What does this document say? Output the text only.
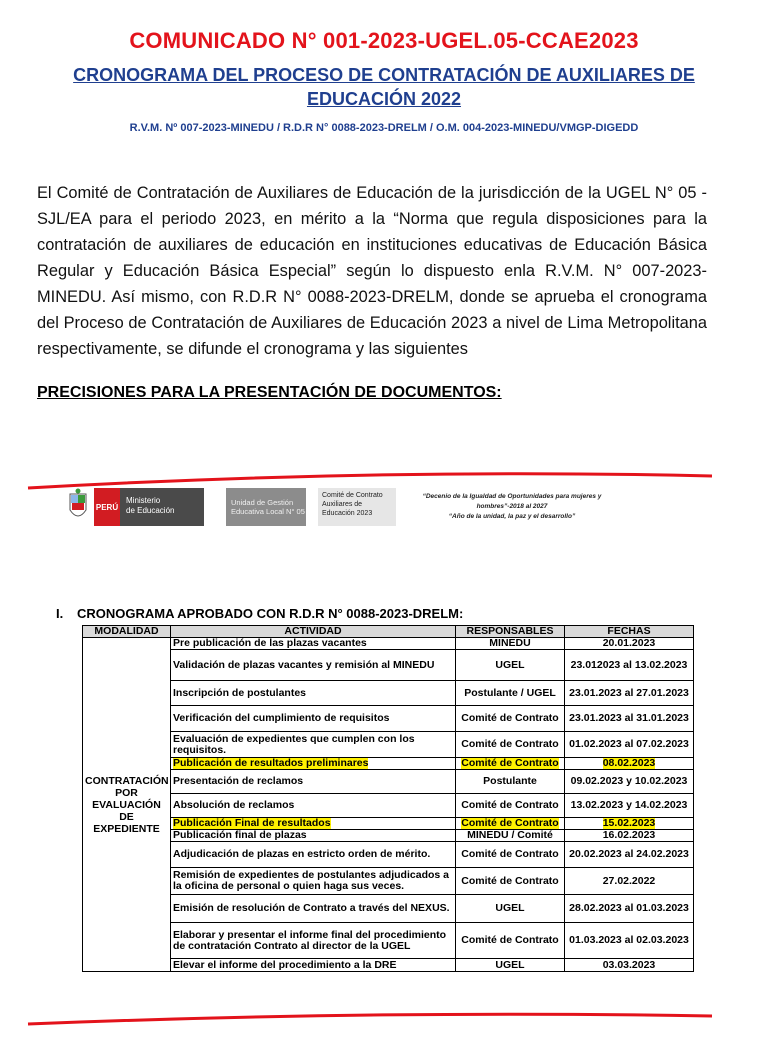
COMUNICADO N° 001-2023-UGEL.05-CCAE2023
CRONOGRAMA DEL PROCESO DE CONTRATACIÓN DE AUXILIARES DE EDUCACIÓN 2022
R.V.M. Nº 007-2023-MINEDU / R.D.R N° 0088-2023-DRELM / O.M. 004-2023-MINEDU/VMGP-DIGEDD
El Comité de Contratación de Auxiliares de Educación de la jurisdicción de la UGEL N° 05 - SJL/EA para el periodo 2023, en mérito a la “Norma que regula disposiciones para la contratación de auxiliares de educación en instituciones educativas de Educación Básica Regular y Educación Básica Especial” según lo dispuesto enla R.V.M. N° 007-2023-MINEDU. Así mismo, con R.D.R N° 0088-2023-DRELM, donde se aprueba el cronograma del Proceso de Contratación de Auxiliares de Educación 2023 a nivel de Lima Metropolitana respectivamente, se difunde el cronograma y las siguientes
PRECISIONES PARA LA PRESENTACIÓN DE DOCUMENTOS:
PERÚ
Ministerio
de Educación
Unidad de Gestión
Educativa Local N° 05
Comité de Contrato
Auxiliares de
Educación 2023
“Decenio de la Igualdad de Oportunidades para mujeres y
hombres”-2018 al 2027
“Año de la unidad, la paz y el desarrollo”
I. CRONOGRAMA APROBADO CON R.D.R N° 0088-2023-DRELM:
MODALIDAD	ACTIVIDAD	RESPONSABLES	FECHAS
CONTRATACIÓN POR EVALUACIÓN DE EXPEDIENTE	Pre publicación de las plazas vacantes	MINEDU	20.01.2023
	Validación de plazas vacantes y remisión al MINEDU	UGEL	23.012023 al 13.02.2023
	Inscripción de postulantes	Postulante / UGEL	23.01.2023 al 27.01.2023
	Verificación del cumplimiento de requisitos	Comité de Contrato	23.01.2023 al 31.01.2023
	Evaluación de expedientes que cumplen con los requisitos.	Comité de Contrato	01.02.2023 al 07.02.2023
	Publicación de resultados preliminares	Comité de Contrato	08.02.2023
	Presentación de reclamos	Postulante	09.02.2023 y 10.02.2023
	Absolución de reclamos	Comité de Contrato	13.02.2023 y 14.02.2023
	Publicación Final de resultados	Comité de Contrato	15.02.2023
	Publicación final de plazas	MINEDU / Comité	16.02.2023
	Adjudicación de plazas en estricto orden de mérito.	Comité de Contrato	20.02.2023 al 24.02.2023
	Remisión de expedientes de postulantes adjudicados a la oficina de personal o quien haga sus veces.	Comité de Contrato	27.02.2022
	Emisión de resolución de Contrato a través del NEXUS.	UGEL	28.02.2023 al 01.03.2023
	Elaborar y presentar el informe final del procedimiento de contratación Contrato al director de la UGEL	Comité de Contrato	01.03.2023 al 02.03.2023
	Elevar el informe del procedimiento a la DRE	UGEL	03.03.2023
